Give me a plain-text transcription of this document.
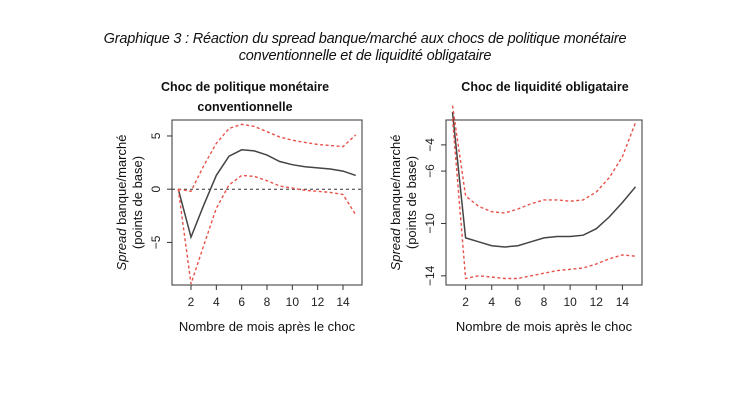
Graphique 3 : Réaction du spread banque/marché aux chocs de politique monétaire
conventionnelle et de liquidité obligataire
Choc de politique monétaire
conventionnelle
Choc de liquidité obligataire
2 4 6 8 10 12 14
−5
0
5
Nombre de mois après le choc
Spread banque/marché (points de base)
2 4 6 8 10 12 14
−14
−10
−6
−4
Nombre de mois après le choc
Spread banque/marché (points de base)
